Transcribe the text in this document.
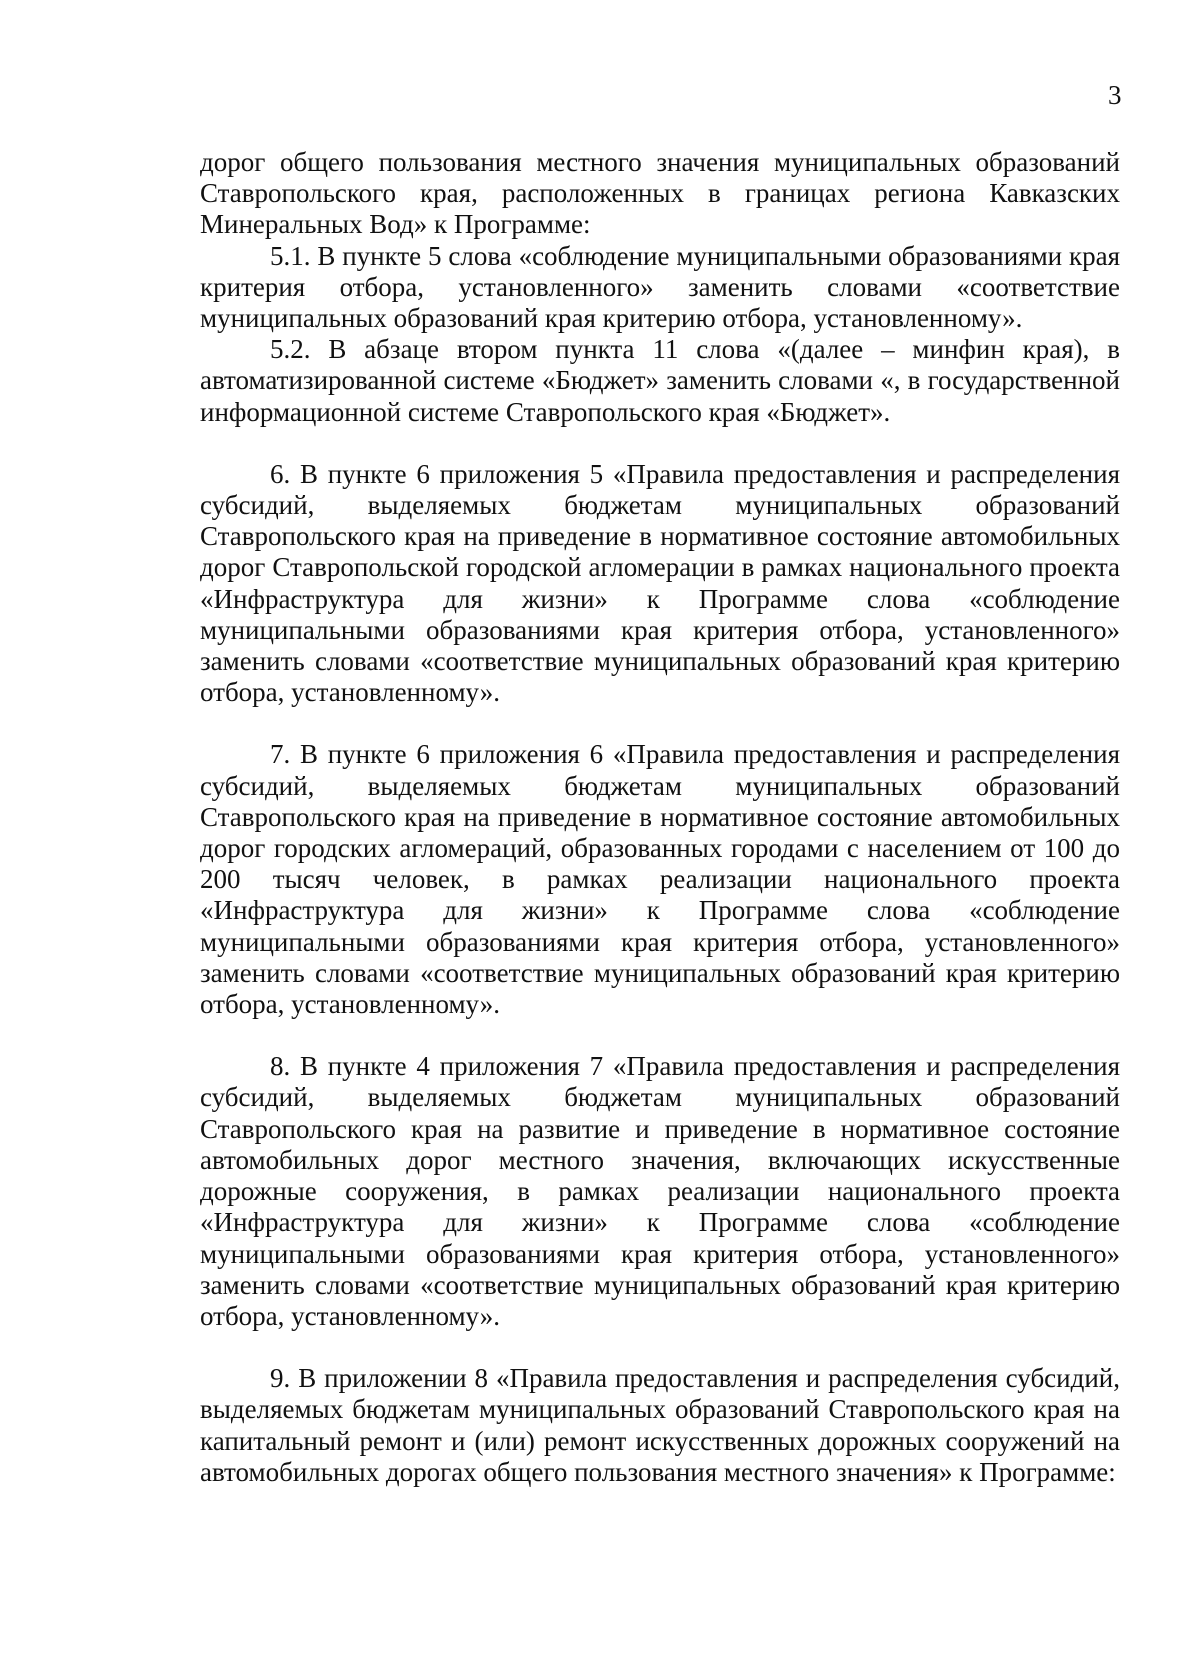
3

дорог общего пользования местного значения муниципальных образований Ставропольского края, расположенных в границах региона Кавказских Минеральных Вод» к Программе:

5.1. В пункте 5 слова «соблюдение муниципальными образованиями края критерия отбора, установленного» заменить словами «соответствие муниципальных образований края критерию отбора, установленному».

5.2. В абзаце втором пункта 11 слова «(далее – минфин края), в автоматизированной системе «Бюджет» заменить словами «, в государственной информационной системе Ставропольского края «Бюджет».

6. В пункте 6 приложения 5 «Правила предоставления и распределения субсидий, выделяемых бюджетам муниципальных образований Ставропольского края на приведение в нормативное состояние автомобильных дорог Ставропольской городской агломерации в рамках национального проекта «Инфраструктура для жизни» к Программе слова «соблюдение муниципальными образованиями края критерия отбора, установленного» заменить словами «соответствие муниципальных образований края критерию отбора, установленному».

7. В пункте 6 приложения 6 «Правила предоставления и распределения субсидий, выделяемых бюджетам муниципальных образований Ставропольского края на приведение в нормативное состояние автомобильных дорог городских агломераций, образованных городами с населением от 100 до 200 тысяч человек, в рамках реализации национального проекта «Инфраструктура для жизни» к Программе слова «соблюдение муниципальными образованиями края критерия отбора, установленного» заменить словами «соответствие муниципальных образований края критерию отбора, установленному».

8. В пункте 4 приложения 7 «Правила предоставления и распределения субсидий, выделяемых бюджетам муниципальных образований Ставропольского края на развитие и приведение в нормативное состояние автомобильных дорог местного значения, включающих искусственные дорожные сооружения, в рамках реализации национального проекта «Инфраструктура для жизни» к Программе слова «соблюдение муниципальными образованиями края критерия отбора, установленного» заменить словами «соответствие муниципальных образований края критерию отбора, установленному».

9. В приложении 8 «Правила предоставления и распределения субсидий, выделяемых бюджетам муниципальных образований Ставропольского края на капитальный ремонт и (или) ремонт искусственных дорожных сооружений на автомобильных дорогах общего пользования местного значения» к Программе:
